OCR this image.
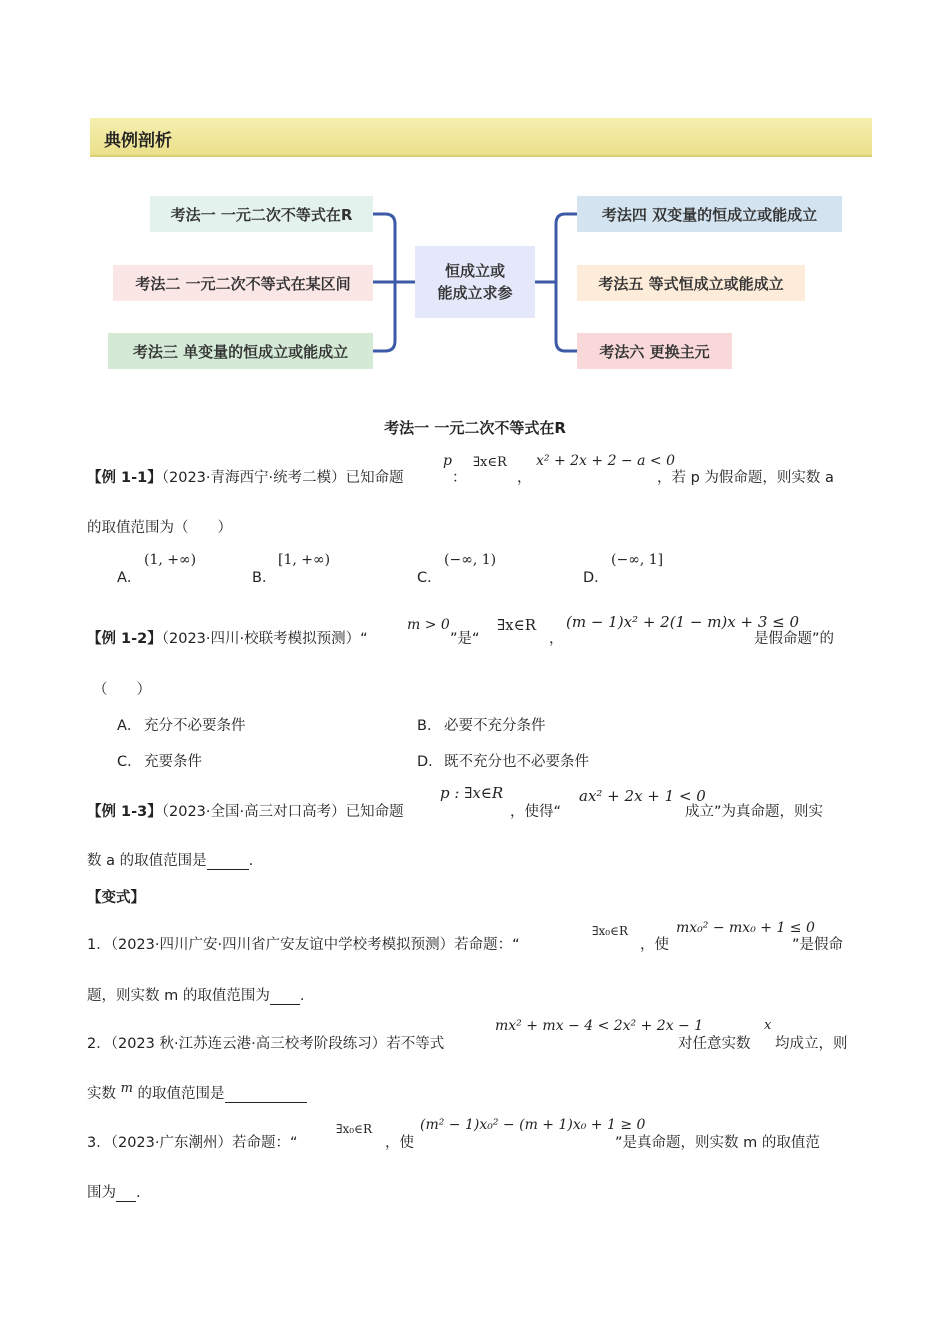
典例剖析
考法一 一元二次不等式在R
考法二 一元二次不等式在某区间
考法三 单变量的恒成立或能成立
恒成立或
能成立求参
考法四 双变量的恒成立或能成立
考法五 等式恒成立或能成立
考法六 更换主元
考法一 一元二次不等式在R
【例 1-1】（2023·青海西宁·统考二模）已知命题
p
：
∃x∈R
，
x² + 2x + 2 − a < 0
，若 p 为假命题，则实数 a
的取值范围为（　　）
A．
(1, +∞)
B．
[1, +∞)
C．
(−∞, 1)
D．
(−∞, 1]
【例 1-2】（2023·四川·校联考模拟预测）“
m > 0
”是“
∃x∈R
，
(m − 1)x² + 2(1 − m)x + 3 ≤ 0
是假命题”的
（　　）
A． 充分不必要条件	B． 必要不充分条件
C． 充要条件	D． 既不充分也不必要条件
【例 1-3】（2023·全国·高三对口高考）已知命题
p : ∃x∈R
，使得“
ax² + 2x + 1 < 0
成立”为真命题，则实
数 a 的取值范围是	.
【变式】
1．（2023·四川广安·四川省广安友谊中学校考模拟预测）若命题：“
∃x₀∈R
，使
mx₀² − mx₀ + 1 ≤ 0
”是假命
题，则实数 m 的取值范围为 .
2．（2023 秋·江苏连云港·高三校考阶段练习）若不等式
mx² + mx − 4 < 2x² + 2x − 1
对任意实数
x
均成立，则
实数 m 的取值范围是
3．（2023·广东潮州）若命题：“
∃x₀∈R
，使
(m² − 1)x₀² − (m + 1)x₀ + 1 ≥ 0
”是真命题，则实数 m 的取值范
围为 .
